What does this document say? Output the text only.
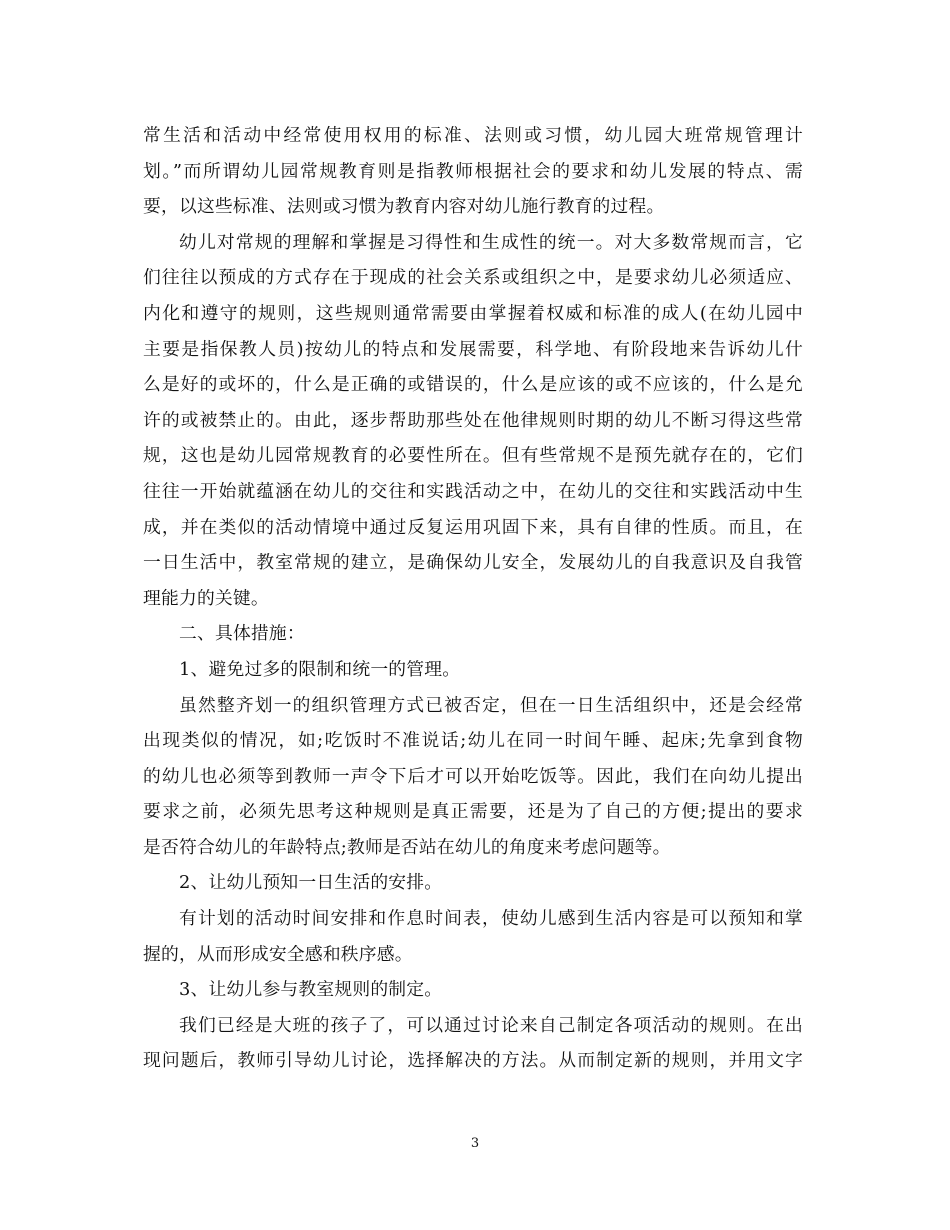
常生活和活动中经常使用权用的标准、法则或习惯，幼儿园大班常规管理计
划。”而所谓幼儿园常规教育则是指教师根据社会的要求和幼儿发展的特点、需
要，以这些标准、法则或习惯为教育内容对幼儿施行教育的过程。
幼儿对常规的理解和掌握是习得性和生成性的统一。对大多数常规而言，它
们往往以预成的方式存在于现成的社会关系或组织之中，是要求幼儿必须适应、
内化和遵守的规则，这些规则通常需要由掌握着权威和标准的成人(在幼儿园中
主要是指保教人员)按幼儿的特点和发展需要，科学地、有阶段地来告诉幼儿什
么是好的或坏的，什么是正确的或错误的，什么是应该的或不应该的，什么是允
许的或被禁止的。由此，逐步帮助那些处在他律规则时期的幼儿不断习得这些常
规，这也是幼儿园常规教育的必要性所在。但有些常规不是预先就存在的，它们
往往一开始就蕴涵在幼儿的交往和实践活动之中，在幼儿的交往和实践活动中生
成，并在类似的活动情境中通过反复运用巩固下来，具有自律的性质。而且，在
一日生活中，教室常规的建立，是确保幼儿安全，发展幼儿的自我意识及自我管
理能力的关键。
二、具体措施：
1、避免过多的限制和统一的管理。
虽然整齐划一的组织管理方式已被否定，但在一日生活组织中，还是会经常
出现类似的情况，如;吃饭时不准说话;幼儿在同一时间午睡、起床;先拿到食物
的幼儿也必须等到教师一声令下后才可以开始吃饭等。因此，我们在向幼儿提出
要求之前，必须先思考这种规则是真正需要，还是为了自己的方便;提出的要求
是否符合幼儿的年龄特点;教师是否站在幼儿的角度来考虑问题等。
2、让幼儿预知一日生活的安排。
有计划的活动时间安排和作息时间表，使幼儿感到生活内容是可以预知和掌
握的，从而形成安全感和秩序感。
3、让幼儿参与教室规则的制定。
我们已经是大班的孩子了，可以通过讨论来自己制定各项活动的规则。在出
现问题后，教师引导幼儿讨论，选择解决的方法。从而制定新的规则，并用文字
3
